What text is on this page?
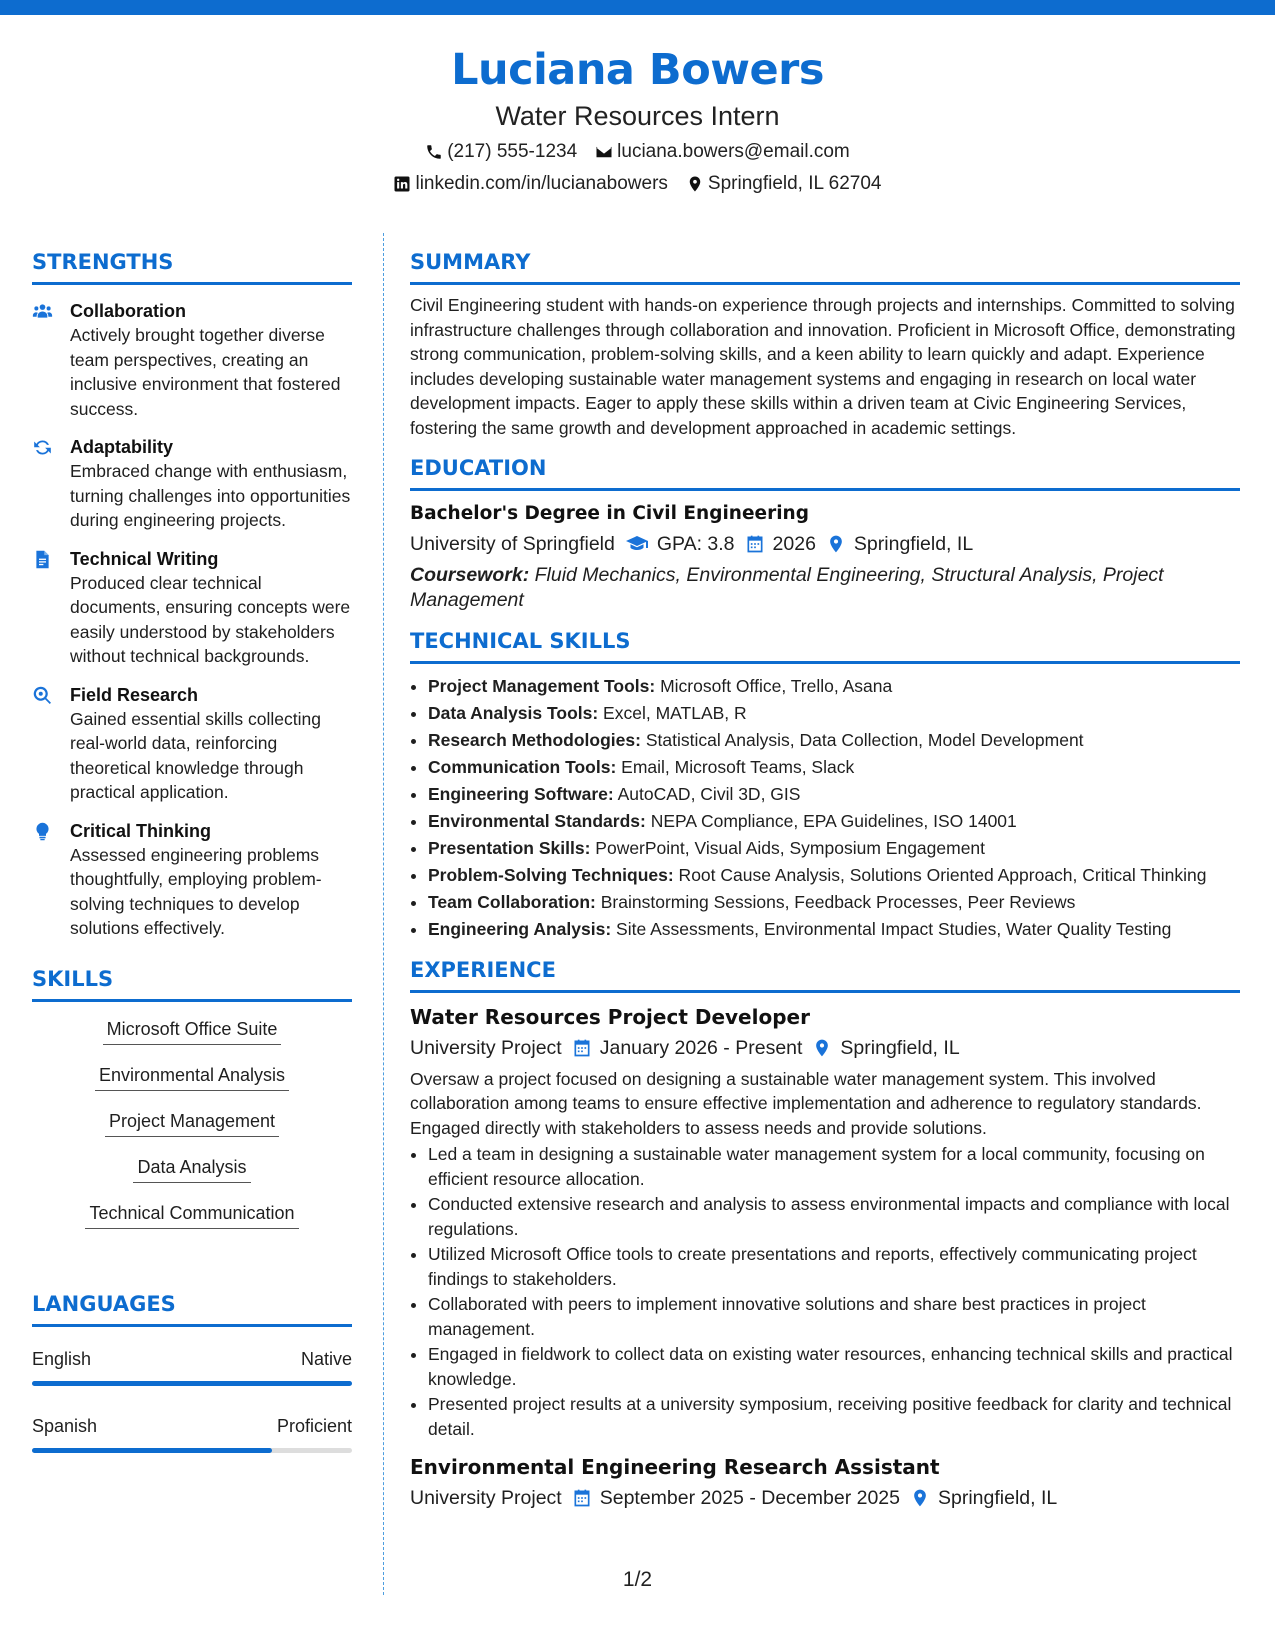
Luciana Bowers
Water Resources Intern
(217) 555-1234 luciana.bowers@email.com
linkedin.com/in/lucianabowers Springfield, IL 62704
STRENGTHS
Collaboration
Actively brought together diverse team perspectives, creating an inclusive environment that fostered success.
Adaptability
Embraced change with enthusiasm, turning challenges into opportunities during engineering projects.
Technical Writing
Produced clear technical documents, ensuring concepts were easily understood by stakeholders without technical backgrounds.
Field Research
Gained essential skills collecting real-world data, reinforcing theoretical knowledge through practical application.
Critical Thinking
Assessed engineering problems thoughtfully, employing problem-solving techniques to develop solutions effectively.
SKILLS
Microsoft Office Suite
Environmental Analysis
Project Management
Data Analysis
Technical Communication
LANGUAGES
English	Native
Spanish	Proficient
SUMMARY
Civil Engineering student with hands-on experience through projects and internships. Committed to solving infrastructure challenges through collaboration and innovation. Proficient in Microsoft Office, demonstrating strong communication, problem-solving skills, and a keen ability to learn quickly and adapt. Experience includes developing sustainable water management systems and engaging in research on local water development impacts. Eager to apply these skills within a driven team at Civic Engineering Services, fostering the same growth and development approached in academic settings.
EDUCATION
Bachelor's Degree in Civil Engineering
University of Springfield GPA: 3.8 2026 Springfield, IL
Coursework: Fluid Mechanics, Environmental Engineering, Structural Analysis, Project Management
TECHNICAL SKILLS
• Project Management Tools: Microsoft Office, Trello, Asana
• Data Analysis Tools: Excel, MATLAB, R
• Research Methodologies: Statistical Analysis, Data Collection, Model Development
• Communication Tools: Email, Microsoft Teams, Slack
• Engineering Software: AutoCAD, Civil 3D, GIS
• Environmental Standards: NEPA Compliance, EPA Guidelines, ISO 14001
• Presentation Skills: PowerPoint, Visual Aids, Symposium Engagement
• Problem-Solving Techniques: Root Cause Analysis, Solutions Oriented Approach, Critical Thinking
• Team Collaboration: Brainstorming Sessions, Feedback Processes, Peer Reviews
• Engineering Analysis: Site Assessments, Environmental Impact Studies, Water Quality Testing
EXPERIENCE
Water Resources Project Developer
University Project January 2026 - Present Springfield, IL
Oversaw a project focused on designing a sustainable water management system. This involved collaboration among teams to ensure effective implementation and adherence to regulatory standards. Engaged directly with stakeholders to assess needs and provide solutions.
• Led a team in designing a sustainable water management system for a local community, focusing on efficient resource allocation.
• Conducted extensive research and analysis to assess environmental impacts and compliance with local regulations.
• Utilized Microsoft Office tools to create presentations and reports, effectively communicating project findings to stakeholders.
• Collaborated with peers to implement innovative solutions and share best practices in project management.
• Engaged in fieldwork to collect data on existing water resources, enhancing technical skills and practical knowledge.
• Presented project results at a university symposium, receiving positive feedback for clarity and technical detail.
Environmental Engineering Research Assistant
University Project September 2025 - December 2025 Springfield, IL
1/2
